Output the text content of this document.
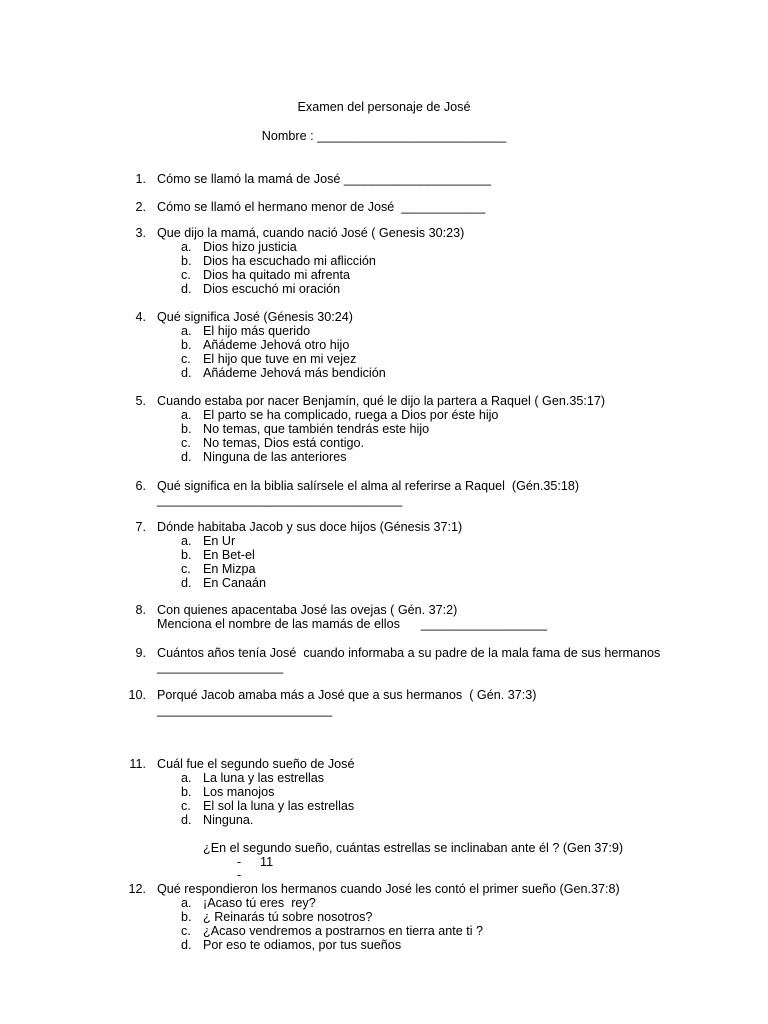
Examen del personaje de José
Nombre : ___________________________
1. Cómo se llamó la mamá de José _____________________
2. Cómo se llamó el hermano menor de José  ____________
3. Que dijo la mamá, cuando nació José ( Genesis 30:23)
a. Dios hizo justicia
b. Dios ha escuchado mi aflicción
c. Dios ha quitado mi afrenta
d. Dios escuchó mi oración
4. Qué significa José (Génesis 30:24)
a. El hijo más querido
b. Añádeme Jehová otro hijo
c. El hijo que tuve en mi vejez
d. Añádeme Jehová más bendición
5. Cuando estaba por nacer Benjamín, qué le dijo la partera a Raquel ( Gen.35:17)
a. El parto se ha complicado, ruega a Dios por éste hijo
b. No temas, que también tendrás este hijo
c. No temas, Dios está contigo.
d. Ninguna de las anteriores
6. Qué significa en la biblia salírsele el alma al referirse a Raquel  (Gén.35:18)
___________________________________
7. Dónde habitaba Jacob y sus doce hijos (Génesis 37:1)
a. En Ur
b. En Bet-el
c. En Mizpa
d. En Canaán
8. Con quienes apacentaba José las ovejas ( Gén. 37:2)
Menciona el nombre de las mamás de ellos      __________________
9. Cuántos años tenía José  cuando informaba a su padre de la mala fama de sus hermanos
__________________
10. Porqué Jacob amaba más a José que a sus hermanos  ( Gén. 37:3)
_________________________
11. Cuál fue el segundo sueño de José
a. La luna y las estrellas
b. Los manojos
c. El sol la luna y las estrellas
d. Ninguna.
¿En el segundo sueño, cuántas estrellas se inclinaban ante él ? (Gen 37:9)
- 11
-
12. Qué respondieron los hermanos cuando José les contó el primer sueño (Gen.37:8)
a. ¡Acaso tú eres  rey?
b. ¿ Reinarás tú sobre nosotros?
c. ¿Acaso vendremos a postrarnos en tierra ante ti ?
d. Por eso te odiamos, por tus sueños
